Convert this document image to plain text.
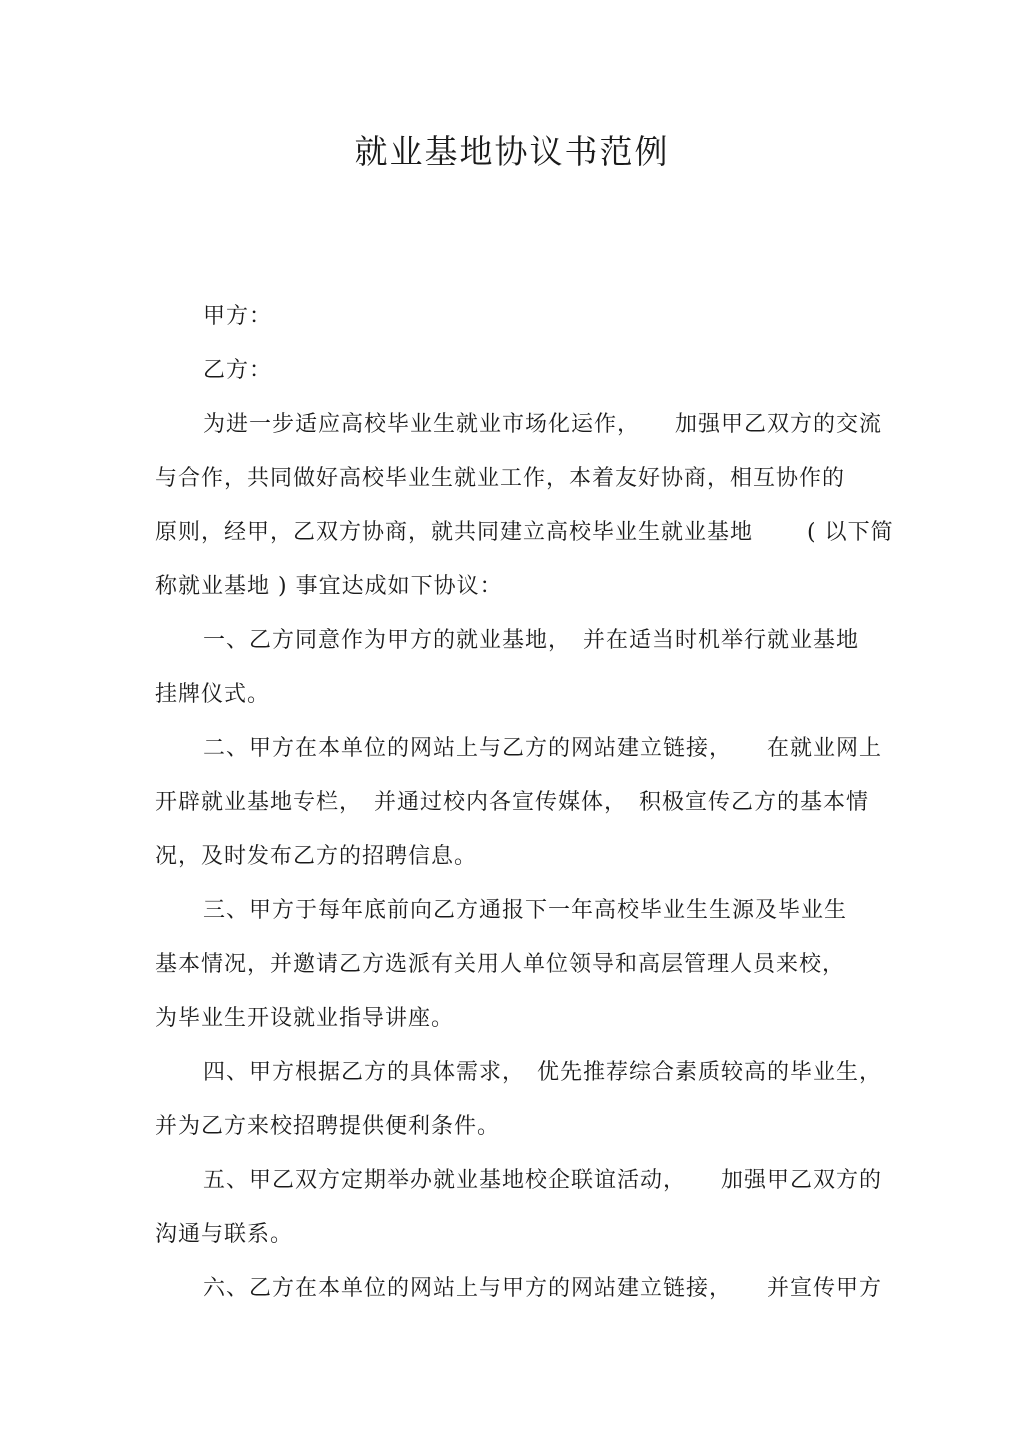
就业基地协议书范例

甲方：

乙方：

为进一步适应高校毕业生就业市场化运作，　　加强甲乙双方的交流
与合作，共同做好高校毕业生就业工作，本着友好协商，相互协作的
原则，经甲，乙双方协商，就共同建立高校毕业生就业基地　　 ( 以下简
称就业基地 ) 事宜达成如下协议：

一、乙方同意作为甲方的就业基地，　并在适当时机举行就业基地
挂牌仪式。

二、甲方在本单位的网站上与乙方的网站建立链接，　　在就业网上
开辟就业基地专栏，　并通过校内各宣传媒体，　积极宣传乙方的基本情
况，及时发布乙方的招聘信息。

三、甲方于每年底前向乙方通报下一年高校毕业生生源及毕业生
基本情况，并邀请乙方选派有关用人单位领导和高层管理人员来校，
为毕业生开设就业指导讲座。

四、甲方根据乙方的具体需求，　优先推荐综合素质较高的毕业生，
并为乙方来校招聘提供便利条件。

五、甲乙双方定期举办就业基地校企联谊活动，　　加强甲乙双方的
沟通与联系。

六、乙方在本单位的网站上与甲方的网站建立链接，　　并宣传甲方
